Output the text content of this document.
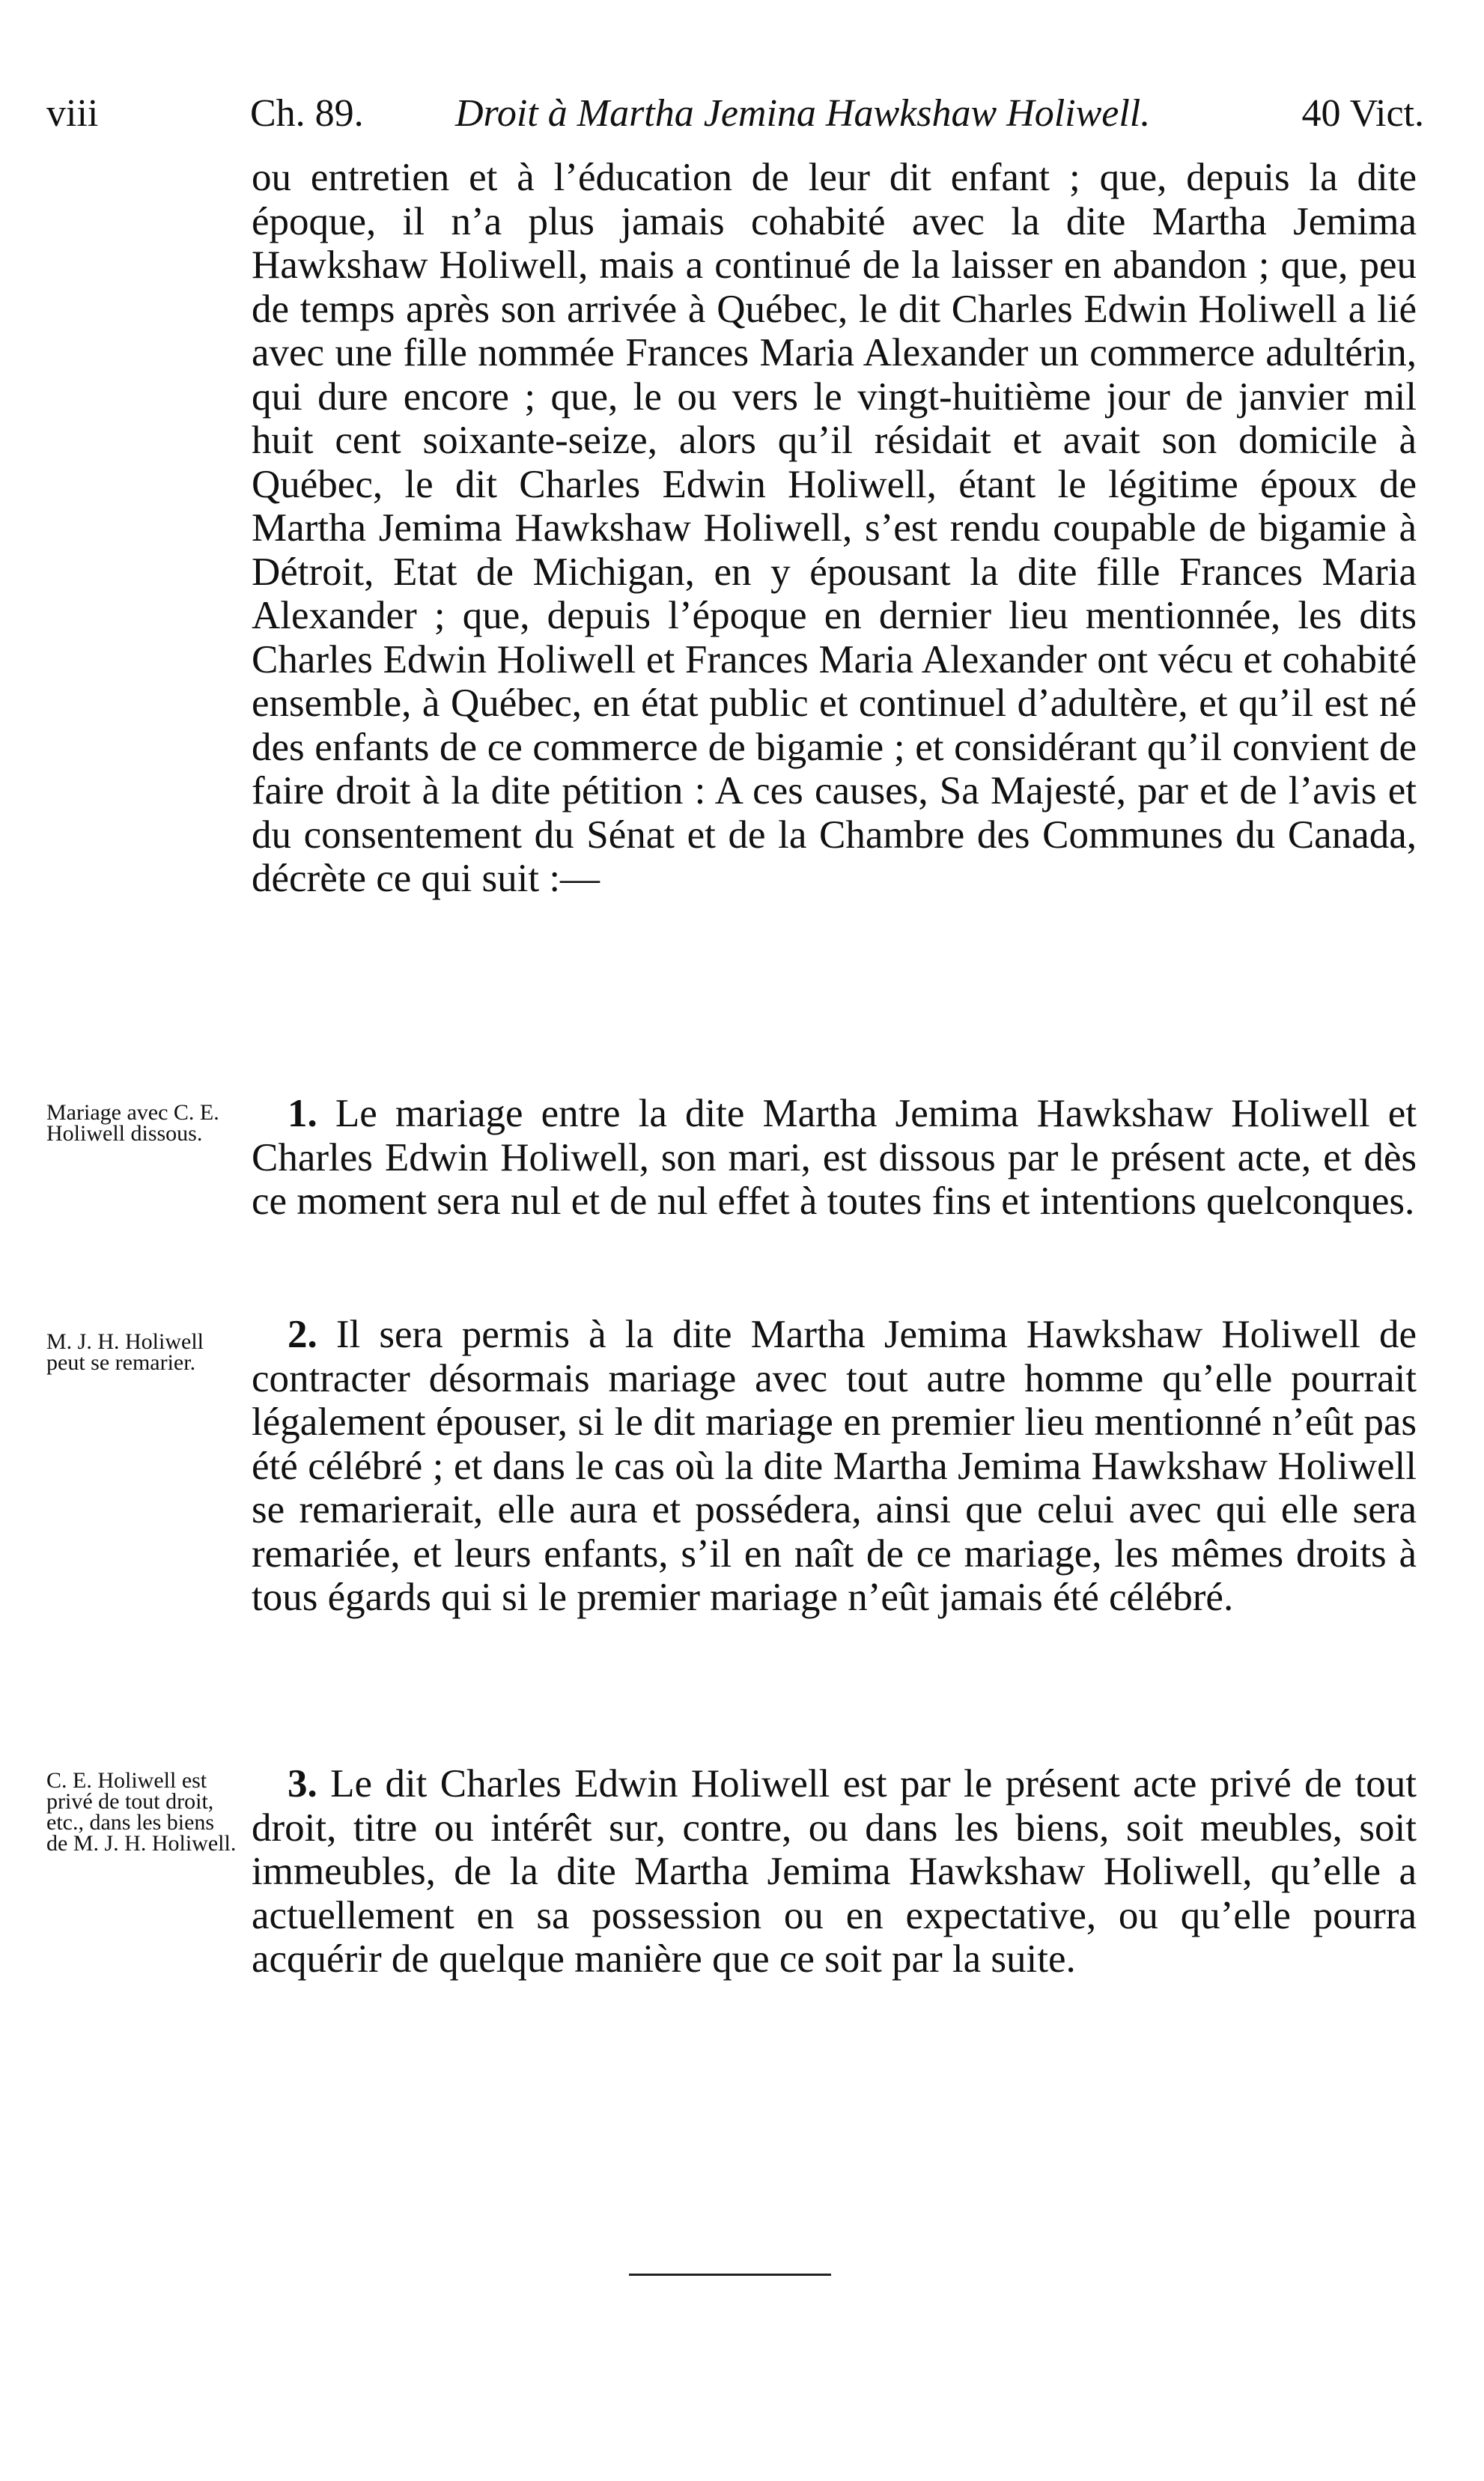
viii	Ch. 89. Droit à Martha Jemina Hawkshaw Holiwell.	40 Vict.

ou entretien et à l’éducation de leur dit enfant ; que, depuis la dite époque, il n’a plus jamais cohabité avec la dite Martha Jemima Hawkshaw Holiwell, mais a continué de la laisser en abandon ; que, peu de temps après son arrivée à Québec, le dit Charles Edwin Holiwell a lié avec une fille nommée Frances Maria Alexander un commerce adultérin, qui dure encore ; que, le ou vers le vingt-huitième jour de janvier mil huit cent soixante-seize, alors qu’il résidait et avait son domicile à Québec, le dit Charles Edwin Holiwell, étant le légitime époux de Martha Jemima Hawkshaw Holiwell, s’est rendu coupable de bigamie à Détroit, Etat de Michigan, en y épousant la dite fille Frances Maria Alexander ; que, depuis l’époque en dernier lieu mentionnée, les dits Charles Edwin Holiwell et Frances Maria Alexander ont vécu et cohabité ensemble, à Québec, en état public et continuel d’adultère, et qu’il est né des enfants de ce commerce de bigamie ; et considérant qu’il convient de faire droit à la dite pétition : A ces causes, Sa Majesté, par et de l’avis et du consentement du Sénat et de la Chambre des Communes du Canada, décrète ce qui suit :—

Mariage avec C. E. Holiwell dissous.	1. Le mariage entre la dite Martha Jemima Hawkshaw Holiwell et Charles Edwin Holiwell, son mari, est dissous par le présent acte, et dès ce moment sera nul et de nul effet à toutes fins et intentions quelconques.

M. J. H. Holiwell peut se remarier.

2. Il sera permis à la dite Martha Jemima Hawkshaw Holiwell de contracter désormais mariage avec tout autre homme qu’elle pourrait légalement épouser, si le dit mariage en premier lieu mentionné n’eût pas été célébré ; et dans le cas où la dite Martha Jemima Hawkshaw Holiwell se remarierait, elle aura et possédera, ainsi que celui avec qui elle sera remariée, et leurs enfants, s’il en naît de ce mariage, les mêmes droits à tous égards qui si le premier mariage n’eût jamais été célébré.

C. E. Holiwell est privé de tout droit, etc., dans les biens de M. J. H. Holiwell.

3. Le dit Charles Edwin Holiwell est par le présent acte privé de tout droit, titre ou intérêt sur, contre, ou dans les biens, soit meubles, soit immeubles, de la dite Martha Jemima Hawkshaw Holiwell, qu’elle a actuellement en sa possession ou en expectative, ou qu’elle pourra acquérir de quelque manière que ce soit par la suite.
